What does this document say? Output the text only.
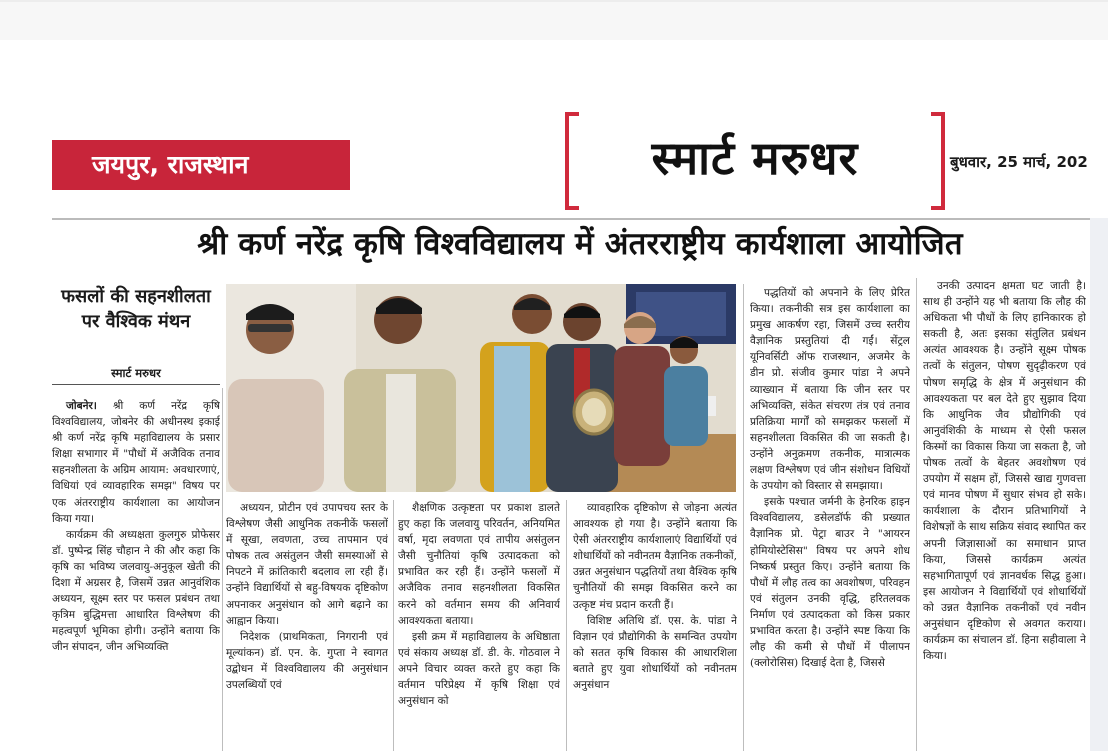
जयपुर, राजस्थान	स्मार्ट मरुधर	बुधवार, 25 मार्च, 202
श्री कर्ण नरेंद्र कृषि विश्वविद्यालय में अंतरराष्ट्रीय कार्यशाला आयोजित
फसलों की सहनशीलता पर वैश्विक मंथन
स्मार्ट मरुधर

जोबनेर। श्री कर्ण नरेंद्र कृषि विश्वविद्यालय, जोबनेर की अधीनस्थ इकाई श्री कर्ण नरेंद्र कृषि महाविद्यालय के प्रसार शिक्षा सभागार में "पौधों में अजैविक तनाव सहनशीलता के अग्रिम आयाम: अवधारणाएं, विधियां एवं व्यावहारिक समझ" विषय पर एक अंतरराष्ट्रीय कार्यशाला का आयोजन किया गया।

कार्यक्रम की अध्यक्षता कुलगुरु प्रोफेसर डॉ. पुष्पेन्द्र सिंह चौहान ने की और कहा कि कृषि का भविष्य जलवायु-अनुकूल खेती की दिशा में अग्रसर है, जिसमें उन्नत आनुवंशिक अध्ययन, सूक्ष्म स्तर पर फसल प्रबंधन तथा कृत्रिम बुद्धिमत्ता आधारित विश्लेषण की महत्वपूर्ण भूमिका होगी। उन्होंने बताया कि जीन संपादन, जीन अभिव्यक्ति

अध्ययन, प्रोटीन एवं उपापचय स्तर के विश्लेषण जैसी आधुनिक तकनीकें फसलों में सूखा, लवणता, उच्च तापमान एवं पोषक तत्व असंतुलन जैसी समस्याओं से निपटने में क्रांतिकारी बदलाव ला रही हैं। उन्होंने विद्यार्थियों से बहु-विषयक दृष्टिकोण अपनाकर अनुसंधान को आगे बढ़ाने का आह्वान किया।

निदेशक (प्राथमिकता, निगरानी एवं मूल्यांकन) डॉ. एन. के. गुप्ता ने स्वागत उद्बोधन में विश्वविद्यालय की अनुसंधान उपलब्धियों एवं

शैक्षणिक उत्कृष्टता पर प्रकाश डालते हुए कहा कि जलवायु परिवर्तन, अनियमित वर्षा, मृदा लवणता एवं तापीय असंतुलन जैसी चुनौतियां कृषि उत्पादकता को प्रभावित कर रही हैं। उन्होंने फसलों में अजैविक तनाव सहनशीलता विकसित करने को वर्तमान समय की अनिवार्य आवश्यकता बताया।

इसी क्रम में महाविद्यालय के अधिष्ठाता एवं संकाय अध्यक्ष डॉ. डी. के. गोठवाल ने अपने विचार व्यक्त करते हुए कहा कि वर्तमान परिप्रेक्ष्य में कृषि शिक्षा एवं अनुसंधान को

व्यावहारिक दृष्टिकोण से जोड़ना अत्यंत आवश्यक हो गया है। उन्होंने बताया कि ऐसी अंतरराष्ट्रीय कार्यशालाएं विद्यार्थियों एवं शोधार्थियों को नवीनतम वैज्ञानिक तकनीकों, उन्नत अनुसंधान पद्धतियों तथा वैश्विक कृषि चुनौतियों की समझ विकसित करने का उत्कृष्ट मंच प्रदान करती हैं।

विशिष्ट अतिथि डॉ. एस. के. पांडा ने विज्ञान एवं प्रौद्योगिकी के समन्वित उपयोग को सतत कृषि विकास की आधारशिला बताते हुए युवा शोधार्थियों को नवीनतम अनुसंधान

पद्धतियों को अपनाने के लिए प्रेरित किया। तकनीकी सत्र इस कार्यशाला का प्रमुख आकर्षण रहा, जिसमें उच्च स्तरीय वैज्ञानिक प्रस्तुतियां दी गईं। सेंट्रल यूनिवर्सिटी ऑफ राजस्थान, अजमेर के डीन प्रो. संजीव कुमार पांडा ने अपने व्याख्यान में बताया कि जीन स्तर पर अभिव्यक्ति, संकेत संचरण तंत्र एवं तनाव प्रतिक्रिया मार्गों को समझकर फसलों में सहनशीलता विकसित की जा सकती है। उन्होंने अनुक्रमण तकनीक, मात्रात्मक लक्षण विश्लेषण एवं जीन संशोधन विधियों के उपयोग को विस्तार से समझाया।

इसके पश्चात जर्मनी के हेनरिक हाइन विश्वविद्यालय, डसेलडॉर्फ की प्रख्यात वैज्ञानिक प्रो. पेट्रा बाउर ने "आयरन होमियोस्टेसिस" विषय पर अपने शोध निष्कर्ष प्रस्तुत किए। उन्होंने बताया कि पौधों में लौह तत्व का अवशोषण, परिवहन एवं संतुलन उनकी वृद्धि, हरितलवक निर्माण एवं उत्पादकता को किस प्रकार प्रभावित करता है। उन्होंने स्पष्ट किया कि लौह की कमी से पौधों में पीलापन (क्लोरोसिस) दिखाई देता है, जिससे

उनकी उत्पादन क्षमता घट जाती है। साथ ही उन्होंने यह भी बताया कि लौह की अधिकता भी पौधों के लिए हानिकारक हो सकती है, अतः इसका संतुलित प्रबंधन अत्यंत आवश्यक है। उन्होंने सूक्ष्म पोषक तत्वों के संतुलन, पोषण सुदृढ़ीकरण एवं पोषण समृद्धि के क्षेत्र में अनुसंधान की आवश्यकता पर बल देते हुए सुझाव दिया कि आधुनिक जैव प्रौद्योगिकी एवं आनुवंशिकी के माध्यम से ऐसी फसल किस्मों का विकास किया जा सकता है, जो पोषक तत्वों के बेहतर अवशोषण एवं उपयोग में सक्षम हों, जिससे खाद्य गुणवत्ता एवं मानव पोषण में सुधार संभव हो सके। कार्यशाला के दौरान प्रतिभागियों ने विशेषज्ञों के साथ सक्रिय संवाद स्थापित कर अपनी जिज्ञासाओं का समाधान प्राप्त किया, जिससे कार्यक्रम अत्यंत सहभागितापूर्ण एवं ज्ञानवर्धक सिद्ध हुआ। इस आयोजन ने विद्यार्थियों एवं शोधार्थियों को उन्नत वैज्ञानिक तकनीकों एवं नवीन अनुसंधान दृष्टिकोण से अवगत कराया। कार्यक्रम का संचालन डॉ. हिना सहीवाला ने किया।
